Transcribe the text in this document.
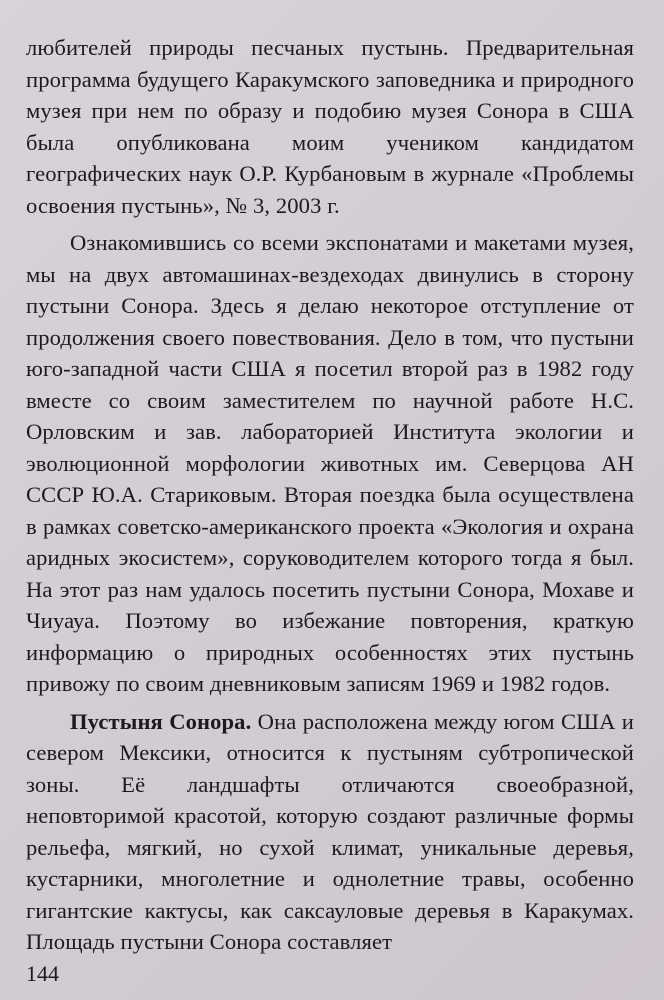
любителей природы песчаных пустынь. Предварительная программа будущего Каракумского заповедника и природного музея при нем по образу и подобию музея Сонора в США была опубликована моим учеником кандидатом географических наук О.Р. Курбановым в журнале «Проблемы освоения пустынь», № 3, 2003 г.

Ознакомившись со всеми экспонатами и макетами музея, мы на двух автомашинах-вездеходах двинулись в сторону пустыни Сонора. Здесь я делаю некоторое отступление от продолжения своего повествования. Дело в том, что пустыни юго-западной части США я посетил второй раз в 1982 году вместе со своим заместителем по научной работе Н.С. Орловским и зав. лабораторией Института экологии и эволюционной морфологии животных им. Северцова АН СССР Ю.А. Стариковым. Вторая поездка была осуществлена в рамках советско-американского проекта «Экология и охрана аридных экосистем», соруководителем которого тогда я был. На этот раз нам удалось посетить пустыни Сонора, Мохаве и Чиуауа. Поэтому во избежание повторения, краткую информацию о природных особенностях этих пустынь привожу по своим дневниковым записям 1969 и 1982 годов.

Пустыня Сонора. Она расположена между югом США и севером Мексики, относится к пустыням субтропической зоны. Её ландшафты отличаются своеобразной, неповторимой красотой, которую создают различные формы рельефа, мягкий, но сухой климат, уникальные деревья, кустарники, многолетние и однолетние травы, особенно гигантские кактусы, как саксауловые деревья в Каракумах. Площадь пустыни Сонора составляет

144
